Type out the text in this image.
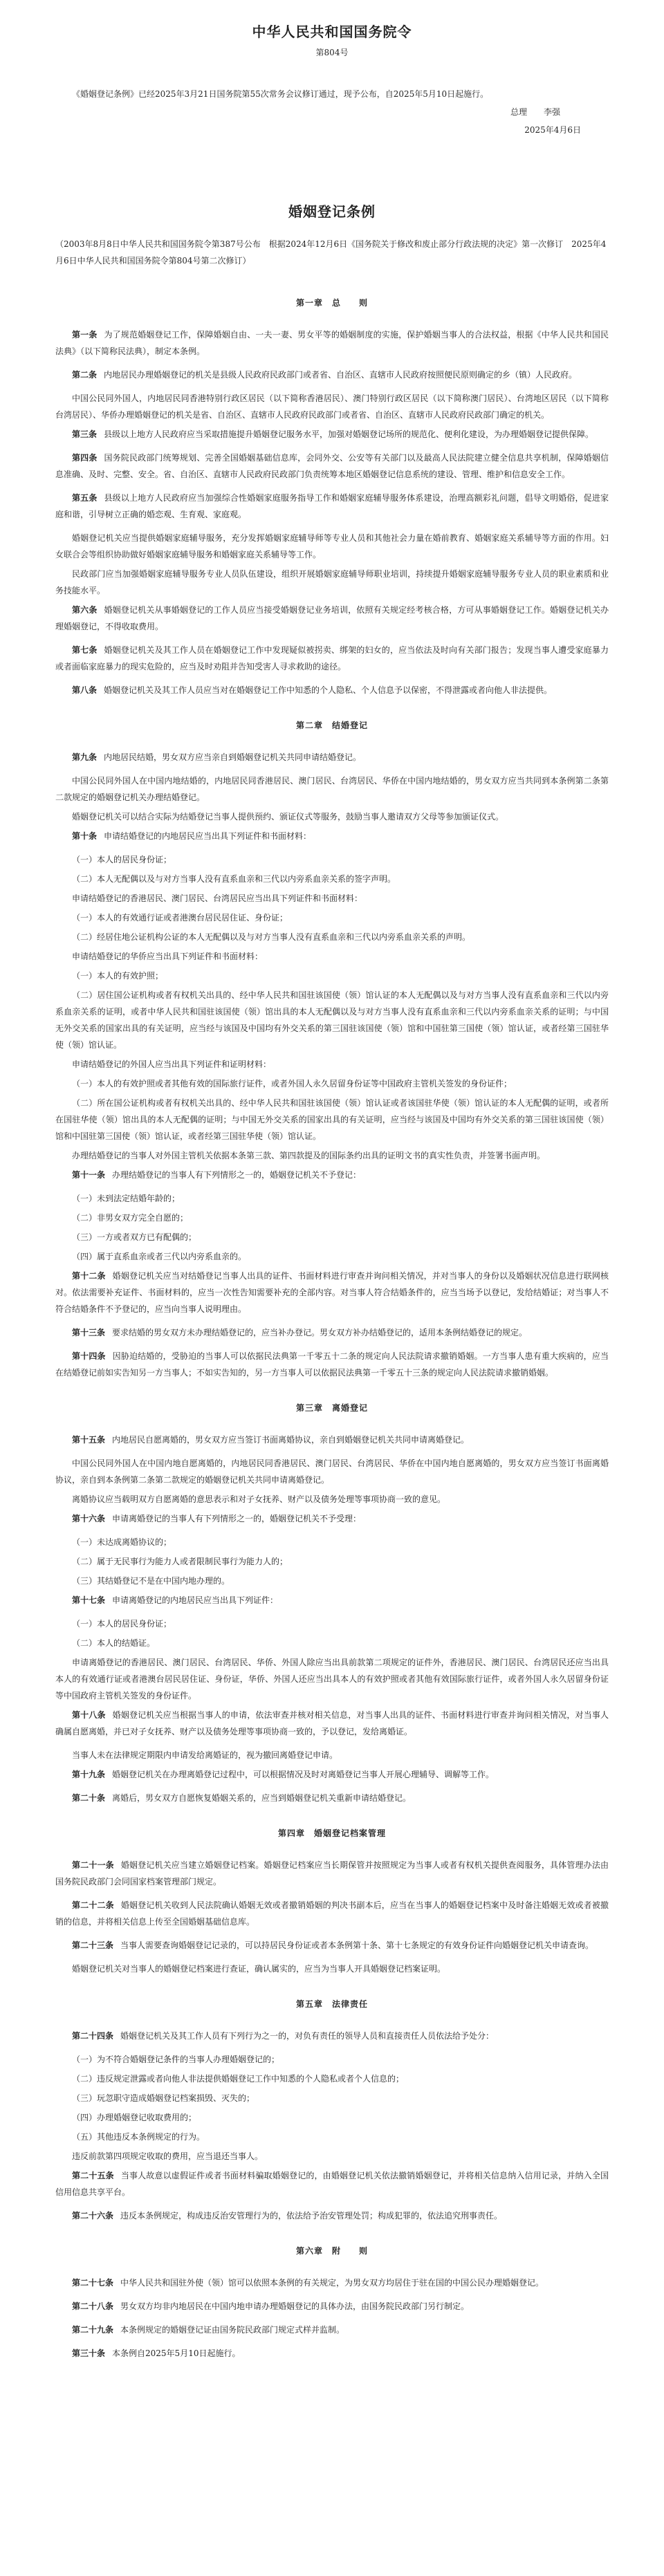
中华人民共和国国务院令
第804号

《婚姻登记条例》已经2025年3月21日国务院第55次常务会议修订通过，现予公布，自2025年5月10日起施行。

总理 李强
2025年4月6日
婚姻登记条例

（2003年8月8日中华人民共和国国务院令第387号公布　根据2024年12月6日《国务院关于修改和废止部分行政法规的决定》第一次修订　2025年4月6日中华人民共和国国务院令第804号第二次修订）

第一章　总　　则

第一条 为了规范婚姻登记工作，保障婚姻自由、一夫一妻、男女平等的婚姻制度的实施，保护婚姻当事人的合法权益，根据《中华人民共和国民法典》（以下简称民法典），制定本条例。

第二条 内地居民办理婚姻登记的机关是县级人民政府民政部门或者省、自治区、直辖市人民政府按照便民原则确定的乡（镇）人民政府。

中国公民同外国人，内地居民同香港特别行政区居民（以下简称香港居民）、澳门特别行政区居民（以下简称澳门居民）、台湾地区居民（以下简称台湾居民）、华侨办理婚姻登记的机关是省、自治区、直辖市人民政府民政部门或者省、自治区、直辖市人民政府民政部门确定的机关。

第三条 县级以上地方人民政府应当采取措施提升婚姻登记服务水平，加强对婚姻登记场所的规范化、便利化建设，为办理婚姻登记提供保障。

第四条 国务院民政部门统筹规划、完善全国婚姻基础信息库，会同外交、公安等有关部门以及最高人民法院建立健全信息共享机制，保障婚姻信息准确、及时、完整、安全。省、自治区、直辖市人民政府民政部门负责统筹本地区婚姻登记信息系统的建设、管理、维护和信息安全工作。

第五条 县级以上地方人民政府应当加强综合性婚姻家庭服务指导工作和婚姻家庭辅导服务体系建设，治理高额彩礼问题，倡导文明婚俗，促进家庭和谐，引导树立正确的婚恋观、生育观、家庭观。

婚姻登记机关应当提供婚姻家庭辅导服务，充分发挥婚姻家庭辅导师等专业人员和其他社会力量在婚前教育、婚姻家庭关系辅导等方面的作用。妇女联合会等组织协助做好婚姻家庭辅导服务和婚姻家庭关系辅导等工作。

民政部门应当加强婚姻家庭辅导服务专业人员队伍建设，组织开展婚姻家庭辅导师职业培训，持续提升婚姻家庭辅导服务专业人员的职业素质和业务技能水平。

第六条 婚姻登记机关从事婚姻登记的工作人员应当接受婚姻登记业务培训，依照有关规定经考核合格，方可从事婚姻登记工作。婚姻登记机关办理婚姻登记，不得收取费用。

第七条 婚姻登记机关及其工作人员在婚姻登记工作中发现疑似被拐卖、绑架的妇女的，应当依法及时向有关部门报告；发现当事人遭受家庭暴力或者面临家庭暴力的现实危险的，应当及时劝阻并告知受害人寻求救助的途径。

第八条 婚姻登记机关及其工作人员应当对在婚姻登记工作中知悉的个人隐私、个人信息予以保密，不得泄露或者向他人非法提供。

第二章　结婚登记

第九条 内地居民结婚，男女双方应当亲自到婚姻登记机关共同申请结婚登记。

中国公民同外国人在中国内地结婚的，内地居民同香港居民、澳门居民、台湾居民、华侨在中国内地结婚的，男女双方应当共同到本条例第二条第二款规定的婚姻登记机关办理结婚登记。

婚姻登记机关可以结合实际为结婚登记当事人提供预约、颁证仪式等服务，鼓励当事人邀请双方父母等参加颁证仪式。

第十条 申请结婚登记的内地居民应当出具下列证件和书面材料：

（一）本人的居民身份证；

（二）本人无配偶以及与对方当事人没有直系血亲和三代以内旁系血亲关系的签字声明。

申请结婚登记的香港居民、澳门居民、台湾居民应当出具下列证件和书面材料：

（一）本人的有效通行证或者港澳台居民居住证、身份证；

（二）经居住地公证机构公证的本人无配偶以及与对方当事人没有直系血亲和三代以内旁系血亲关系的声明。

申请结婚登记的华侨应当出具下列证件和书面材料：

（一）本人的有效护照；

（二）居住国公证机构或者有权机关出具的、经中华人民共和国驻该国使（领）馆认证的本人无配偶以及与对方当事人没有直系血亲和三代以内旁系血亲关系的证明，或者中华人民共和国驻该国使（领）馆出具的本人无配偶以及与对方当事人没有直系血亲和三代以内旁系血亲关系的证明；与中国无外交关系的国家出具的有关证明，应当经与该国及中国均有外交关系的第三国驻该国使（领）馆和中国驻第三国使（领）馆认证，或者经第三国驻华使（领）馆认证。

申请结婚登记的外国人应当出具下列证件和证明材料：

（一）本人的有效护照或者其他有效的国际旅行证件，或者外国人永久居留身份证等中国政府主管机关签发的身份证件；

（二）所在国公证机构或者有权机关出具的、经中华人民共和国驻该国使（领）馆认证或者该国驻华使（领）馆认证的本人无配偶的证明，或者所在国驻华使（领）馆出具的本人无配偶的证明；与中国无外交关系的国家出具的有关证明，应当经与该国及中国均有外交关系的第三国驻该国使（领）馆和中国驻第三国使（领）馆认证，或者经第三国驻华使（领）馆认证。

办理结婚登记的当事人对外国主管机关依据本条第三款、第四款提及的国际条约出具的证明文书的真实性负责，并签署书面声明。

第十一条 办理结婚登记的当事人有下列情形之一的，婚姻登记机关不予登记：

（一）未到法定结婚年龄的；

（二）非男女双方完全自愿的；

（三）一方或者双方已有配偶的；

（四）属于直系血亲或者三代以内旁系血亲的。

第十二条 婚姻登记机关应当对结婚登记当事人出具的证件、书面材料进行审查并询问相关情况，并对当事人的身份以及婚姻状况信息进行联网核对。依法需要补充证件、书面材料的，应当一次性告知需要补充的全部内容。对当事人符合结婚条件的，应当当场予以登记，发给结婚证；对当事人不符合结婚条件不予登记的，应当向当事人说明理由。

第十三条 要求结婚的男女双方未办理结婚登记的，应当补办登记。男女双方补办结婚登记的，适用本条例结婚登记的规定。

第十四条 因胁迫结婚的，受胁迫的当事人可以依据民法典第一千零五十二条的规定向人民法院请求撤销婚姻。一方当事人患有重大疾病的，应当在结婚登记前如实告知另一方当事人；不如实告知的，另一方当事人可以依据民法典第一千零五十三条的规定向人民法院请求撤销婚姻。

第三章　离婚登记

第十五条 内地居民自愿离婚的，男女双方应当签订书面离婚协议，亲自到婚姻登记机关共同申请离婚登记。

中国公民同外国人在中国内地自愿离婚的，内地居民同香港居民、澳门居民、台湾居民、华侨在中国内地自愿离婚的，男女双方应当签订书面离婚协议，亲自到本条例第二条第二款规定的婚姻登记机关共同申请离婚登记。

离婚协议应当载明双方自愿离婚的意思表示和对子女抚养、财产以及债务处理等事项协商一致的意见。

第十六条 申请离婚登记的当事人有下列情形之一的，婚姻登记机关不予受理：

（一）未达成离婚协议的；

（二）属于无民事行为能力人或者限制民事行为能力人的；

（三）其结婚登记不是在中国内地办理的。

第十七条 申请离婚登记的内地居民应当出具下列证件：

（一）本人的居民身份证；

（二）本人的结婚证。

申请离婚登记的香港居民、澳门居民、台湾居民、华侨、外国人除应当出具前款第二项规定的证件外，香港居民、澳门居民、台湾居民还应当出具本人的有效通行证或者港澳台居民居住证、身份证，华侨、外国人还应当出具本人的有效护照或者其他有效国际旅行证件，或者外国人永久居留身份证等中国政府主管机关签发的身份证件。

第十八条 婚姻登记机关应当根据当事人的申请，依法审查并核对相关信息，对当事人出具的证件、书面材料进行审查并询问相关情况，对当事人确属自愿离婚，并已对子女抚养、财产以及债务处理等事项协商一致的，予以登记，发给离婚证。

当事人未在法律规定期限内申请发给离婚证的，视为撤回离婚登记申请。

第十九条 婚姻登记机关在办理离婚登记过程中，可以根据情况及时对离婚登记当事人开展心理辅导、调解等工作。

第二十条 离婚后，男女双方自愿恢复婚姻关系的，应当到婚姻登记机关重新申请结婚登记。

第四章　婚姻登记档案管理

第二十一条 婚姻登记机关应当建立婚姻登记档案。婚姻登记档案应当长期保管并按照规定为当事人或者有权机关提供查阅服务，具体管理办法由国务院民政部门会同国家档案管理部门规定。

第二十二条 婚姻登记机关收到人民法院确认婚姻无效或者撤销婚姻的判决书副本后，应当在当事人的婚姻登记档案中及时备注婚姻无效或者被撤销的信息，并将相关信息上传至全国婚姻基础信息库。

第二十三条 当事人需要查询婚姻登记记录的，可以持居民身份证或者本条例第十条、第十七条规定的有效身份证件向婚姻登记机关申请查询。

婚姻登记机关对当事人的婚姻登记档案进行查证，确认属实的，应当为当事人开具婚姻登记档案证明。

第五章　法律责任

第二十四条 婚姻登记机关及其工作人员有下列行为之一的，对负有责任的领导人员和直接责任人员依法给予处分：

（一）为不符合婚姻登记条件的当事人办理婚姻登记的；

（二）违反规定泄露或者向他人非法提供婚姻登记工作中知悉的个人隐私或者个人信息的；

（三）玩忽职守造成婚姻登记档案损毁、灭失的；

（四）办理婚姻登记收取费用的；

（五）其他违反本条例规定的行为。

违反前款第四项规定收取的费用，应当退还当事人。

第二十五条 当事人故意以虚假证件或者书面材料骗取婚姻登记的，由婚姻登记机关依法撤销婚姻登记，并将相关信息纳入信用记录，并纳入全国信用信息共享平台。

第二十六条 违反本条例规定，构成违反治安管理行为的，依法给予治安管理处罚；构成犯罪的，依法追究刑事责任。

第六章　附　　则

第二十七条 中华人民共和国驻外使（领）馆可以依照本条例的有关规定，为男女双方均居住于驻在国的中国公民办理婚姻登记。

第二十八条 男女双方均非内地居民在中国内地申请办理婚姻登记的具体办法，由国务院民政部门另行制定。

第二十九条 本条例规定的婚姻登记证由国务院民政部门规定式样并监制。

第三十条 本条例自2025年5月10日起施行。
